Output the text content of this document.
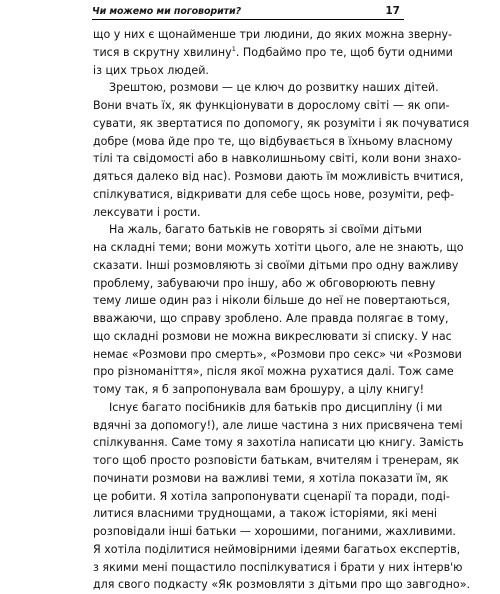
Чи можемо ми поговорити?	17
що у них є щонайменше три людини, до яких можна зверну-
тися в скрутну хвилину$^1$. Подбаймо про те, щоб бути одними
із цих трьох людей.
Зрештою, розмови — це ключ до розвитку наших дітей.
Вони вчать їх, як функціонувати в дорослому світі — як опи-
сувати, як звертатися по допомогу, як розуміти і як почуватися
добре (мова йде про те, що відбувається в їхньому власному
тілі та свідомості або в навколишньому світі, коли вони знахо-
дяться далеко від нас). Розмови дають їм можливість вчитися,
спілкуватися, відкривати для себе щось нове, розуміти, реф-
лексувати і рости.
На жаль, багато батьків не говорять зі своїми дітьми
на складні теми; вони можуть хотіти цього, але не знають, що
сказати. Інші розмовляють зі своїми дітьми про одну важливу
проблему, забуваючи про іншу, або ж обговорюють певну
тему лише один раз і ніколи більше до неї не повертаються,
вважаючи, що справу зроблено. Але правда полягає в тому,
що складні розмови не можна викреслювати зі списку. У нас
немає «Розмови про смерть», «Розмови про секс» чи «Розмови
про різноманіття», після якої можна рухатися далі. Тож саме
тому так, я б запропонувала вам брошуру, а цілу книгу!
Існує багато посібників для батьків про дисципліну (і ми
вдячні за допомогу!), але лише частина з них присвячена темі
спілкування. Саме тому я захотіла написати цю книгу. Замість
того щоб просто розповісти батькам, вчителям і тренерам, як
починати розмови на важливі теми, я хотіла показати їм, як
це робити. Я хотіла запропонувати сценарії та поради, поді-
литися власними труднощами, а також історіями, які мені
розповідали інші батьки — хорошими, поганими, жахливими.
Я хотіла поділитися неймовірними ідеями багатьох експертів,
з якими мені пощастило поспілкуватися і брати у них інтерв'ю
для свого подкасту «Як розмовляти з дітьми про що завгодно».
